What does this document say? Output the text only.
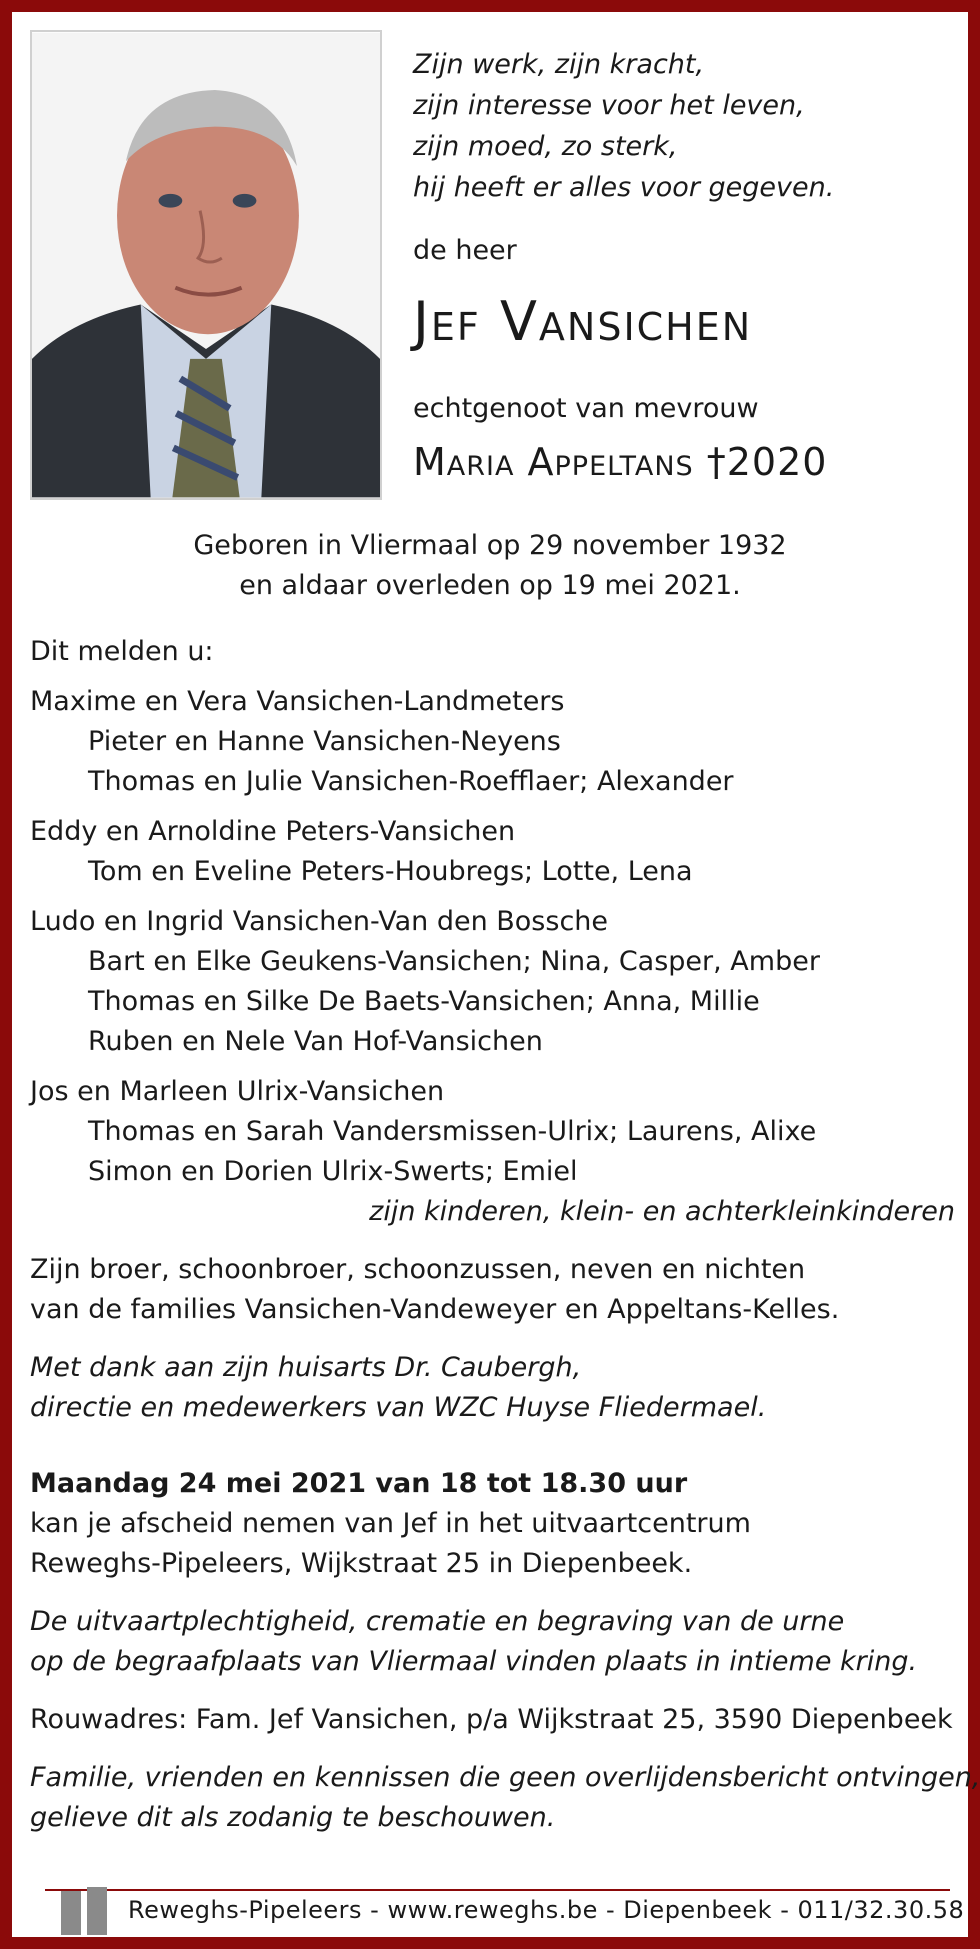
Zijn werk, zijn kracht,
zijn interesse voor het leven,
zijn moed, zo sterk,
hij heeft er alles voor gegeven.
de heer
Jef Vansichen
echtgenoot van mevrouw
Maria Appeltans †2020
Geboren in Vliermaal op 29 november 1932
en aldaar overleden op 19 mei 2021.
Dit melden u:
Maxime en Vera Vansichen-Landmeters
Pieter en Hanne Vansichen-Neyens
Thomas en Julie Vansichen-Roefflaer; Alexander
Eddy en Arnoldine Peters-Vansichen
Tom en Eveline Peters-Houbregs; Lotte, Lena
Ludo en Ingrid Vansichen-Van den Bossche
Bart en Elke Geukens-Vansichen; Nina, Casper, Amber
Thomas en Silke De Baets-Vansichen; Anna, Millie
Ruben en Nele Van Hof-Vansichen
Jos en Marleen Ulrix-Vansichen
Thomas en Sarah Vandersmissen-Ulrix; Laurens, Alixe
Simon en Dorien Ulrix-Swerts; Emiel
zijn kinderen, klein- en achterkleinkinderen
Zijn broer, schoonbroer, schoonzussen, neven en nichten
van de families Vansichen-Vandeweyer en Appeltans-Kelles.
Met dank aan zijn huisarts Dr. Caubergh,
directie en medewerkers van WZC Huyse Fliedermael.
Maandag 24 mei 2021 van 18 tot 18.30 uur
kan je afscheid nemen van Jef in het uitvaartcentrum
Reweghs-Pipeleers, Wijkstraat 25 in Diepenbeek.
De uitvaartplechtigheid, crematie en begraving van de urne
op de begraafplaats van Vliermaal vinden plaats in intieme kring.
Rouwadres: Fam. Jef Vansichen, p/a Wijkstraat 25, 3590 Diepenbeek
Familie, vrienden en kennissen die geen overlijdensbericht ontvingen,
gelieve dit als zodanig te beschouwen.
Reweghs-Pipeleers - www.reweghs.be - Diepenbeek - 011/32.30.58
